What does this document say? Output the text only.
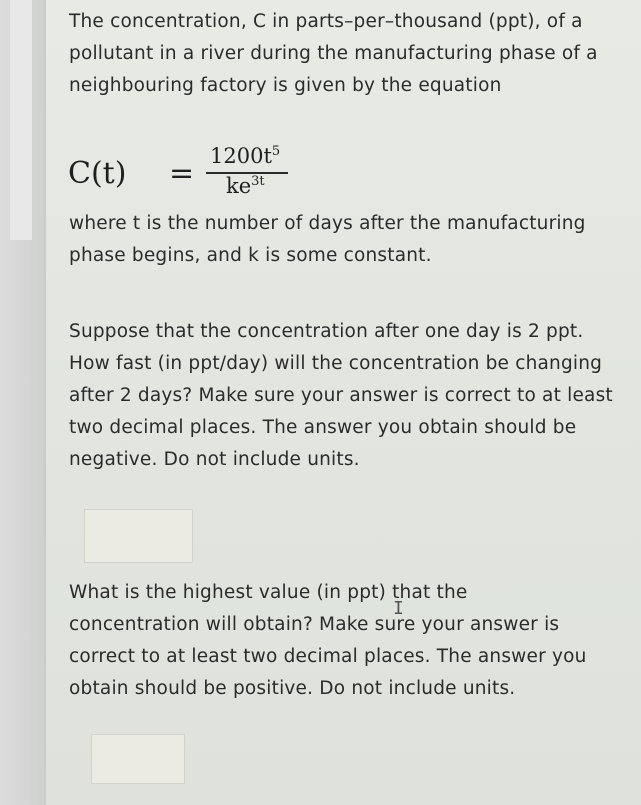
The concentration, C in parts–per–thousand (ppt), of a pollutant in a river during the manufacturing phase of a neighbouring factory is given by the equation
$C(t) = 1200t^5$
$ke^{3t}$
where t is the number of days after the manufacturing phase begins, and k is some constant.
Suppose that the concentration after one day is 2 ppt. How fast (in ppt/day) will the concentration be changing after 2 days? Make sure your answer is correct to at least two decimal places. The answer you obtain should be negative. Do not include units.
What is the highest value (in ppt) that the concentration will obtain? Make sure your answer is correct to at least two decimal places. The answer you obtain should be positive. Do not include units.
I
